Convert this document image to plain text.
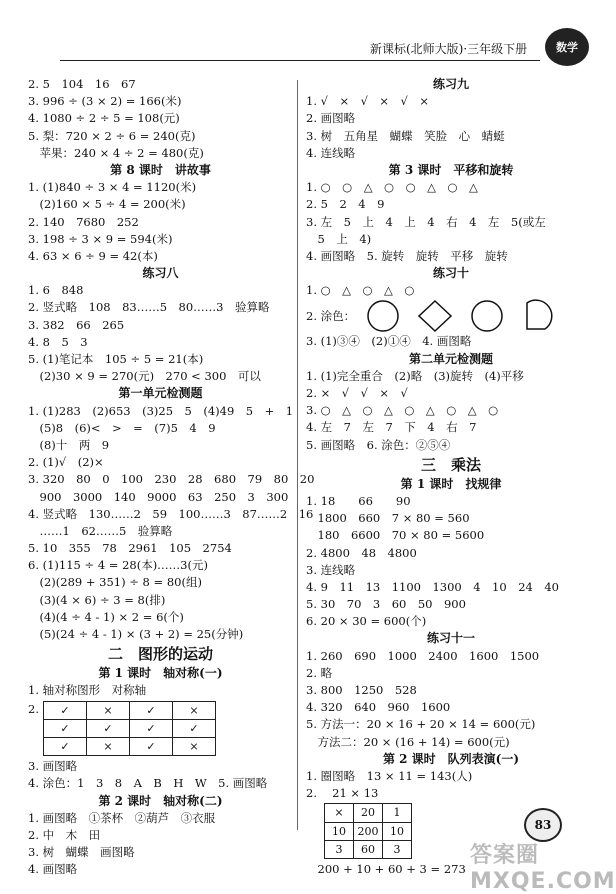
新课标(北师大版)·三年级下册	数学
2. 5　104　16　67
3. 996 ÷ (3 × 2) = 166(米)
4. 1080 ÷ 2 ÷ 5 = 108(元)
5. 梨：720 × 2 ÷ 6 = 240(克)
　苹果：240 × 4 ÷ 2 = 480(克)
第 8 课时　讲故事
1. (1)840 ÷ 3 × 4 = 1120(米)
　(2)160 × 5 ÷ 4 = 200(米)
2. 140　7680　252
3. 198 ÷ 3 × 9 = 594(米)
4. 63 × 6 ÷ 9 = 42(本)
练习八
1. 6　848
2. 竖式略　108　83……5　80……3　验算略
3. 382　66　265
4. 8　5　3
5. (1)笔记本　105 ÷ 5 = 21(本)
　(2)30 × 9 = 270(元)　270 < 300　可以
第一单元检测题
1. (1)283　(2)653　(3)25　5　(4)49　5　+　1
　(5)8　(6)<　>　=　(7)5　4　9
　(8)十　两　9
2. (1)√　(2)×
3. 320　80　0　100　230　28　680　79　80　20
　900　3000　140　9000　63　250　3　300
4. 竖式略　130……2　59　100……3　87……2　16
　……1　62……5　验算略
5. 10　355　78　2961　105　2754
6. (1)115 ÷ 4 = 28(本)……3(元)
　(2)(289 + 351) ÷ 8 = 80(组)
　(3)(4 × 6) ÷ 3 = 8(排)
　(4)(4 ÷ 4 - 1) × 2 = 6(个)
　(5)(24 ÷ 4 - 1) × (3 + 2) = 25(分钟)
二　图形的运动
第 1 课时　轴对称(一)
1. 轴对称图形　对称轴
2. ✓	×	✓	×
✓	✓	✓	✓
✓	×	✓	×
3. 画图略
4. 涂色：1　3　8　A　B　H　W　5. 画图略
第 2 课时　轴对称(二)
1. 画图略　①茶杯　②葫芦　③衣服
2. 中　木　田
3. 树　蝴蝶　画图略
4. 画图略
练习九
1. √　×　√　×　√　×
2. 画图略
3. 树　五角星　蝴蝶　笑脸　心　蜻蜓
4. 连线略
第 3 课时　平移和旋转
1. ○　○　△　○　○　△　○　△
2. 5　2　4　9
3. 左　5　上　4　上　4　右　4　左　5(或左
　5　上　4)
4. 画图略　5. 旋转　旋转　平移　旋转
练习十
1. ○　△　○　△　○
2. 涂色：
3. (1)③④　(2)①④　4. 画图略
第二单元检测题
1. (1)完全重合　(2)略　(3)旋转　(4)平移
2. ×　√　√　×　√
3. ○　△　○　△　○　△　○　△　○
4. 左　7　左　7　下　4　右　7
5. 画图略　6. 涂色：②⑤④
三　乘法
第 1 课时　找规律
1. 18　　66　　90
　1800　660　7 × 80 = 560
　180　6600　70 × 80 = 5600
2. 4800　48　4800
3. 连线略
4. 9　11　13　1100　1300　4　10　24　40
5. 30　70　3　60　50　900
6. 20 × 30 = 600(个)
练习十一
1. 260　690　1000　2400　1600　1500
2. 略
3. 800　1250　528
4. 320　640　960　1600
5. 方法一：20 × 16 + 20 × 14 = 600(元)
　方法二：20 × (16 + 14) = 600(元)
第 2 课时　队列表演(一)
1. 圈图略　13 × 11 = 143(人)
2. 　21 × 13
×	20	1
10	200	10
3	60	3
　200 + 10 + 60 + 3 = 273
83
答案圈 MXQE.COM
